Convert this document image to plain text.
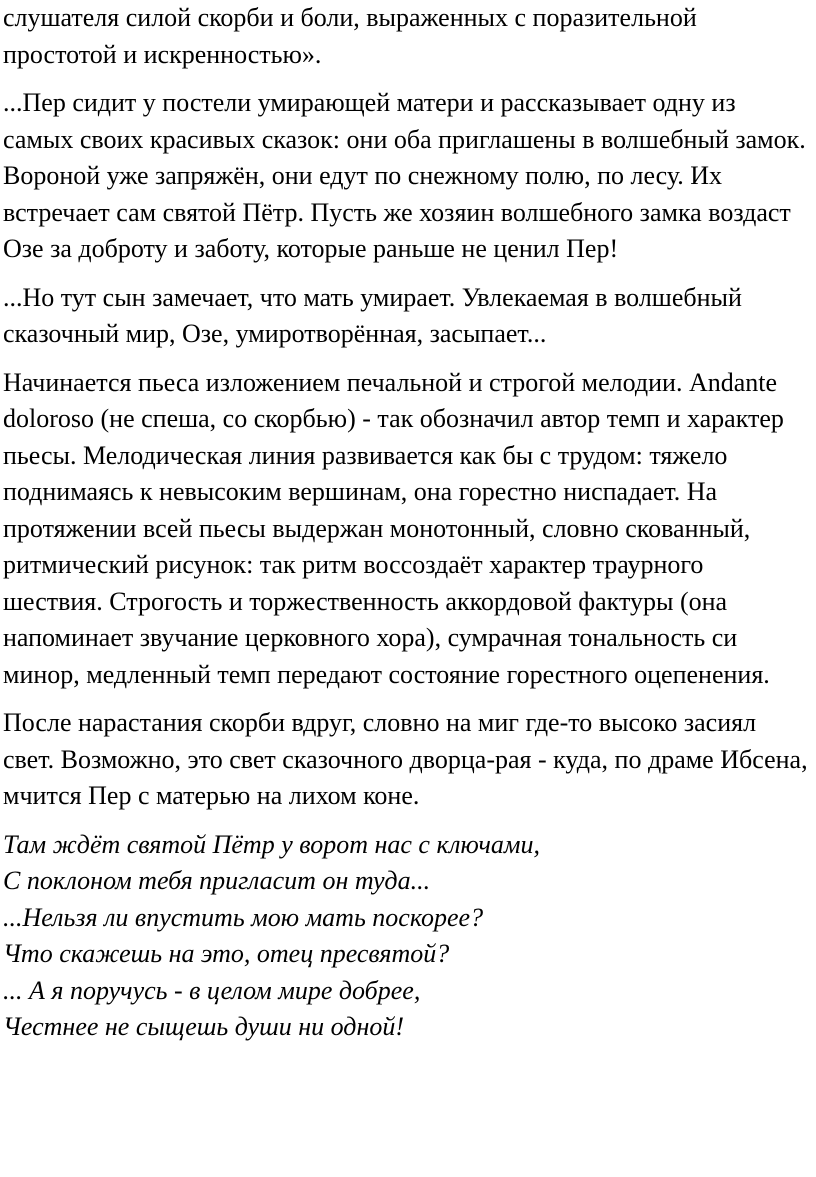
слушателя силой скорби и боли, выраженных с поразительной простотой и искренностью».

...Пер сидит у постели умирающей матери и рассказывает одну из самых своих красивых сказок: они оба приглашены в волшебный замок. Вороной уже запряжён, они едут по снежному полю, по лесу. Их встречает сам святой Пётр. Пусть же хозяин волшебного замка воздаст Озе за доброту и заботу, которые раньше не ценил Пер!

...Но тут сын замечает, что мать умирает. Увлекаемая в волшебный сказочный мир, Озе, умиротворённая, засыпает...

Начинается пьеса изложением печальной и строгой мелодии. Andante doloroso (не спеша, со скорбью) - так обозначил автор темп и характер пьесы. Мелодическая линия развивается как бы с трудом: тяжело поднимаясь к невысоким вершинам, она горестно ниспадает. На протяжении всей пьесы выдержан монотонный, словно скованный, ритмический рисунок: так ритм воссоздаёт характер траурного шествия. Строгость и торжественность аккордовой фактуры (она напоминает звучание церковного хора), сумрачная тональность си минор, медленный темп передают состояние горестного оцепенения.

После нарастания скорби вдруг, словно на миг где-то высоко засиял свет. Возможно, это свет сказочного дворца-рая - куда, по драме Ибсена, мчится Пер с матерью на лихом коне.

Там ждёт святой Пётр у ворот нас с ключами,
С поклоном тебя пригласит он туда...
...Нельзя ли впустить мою мать поскорее?
Что скажешь на это, отец пресвятой?
... А я поручусь - в целом мире добрее,
Честнее не сыщешь души ни одной!
